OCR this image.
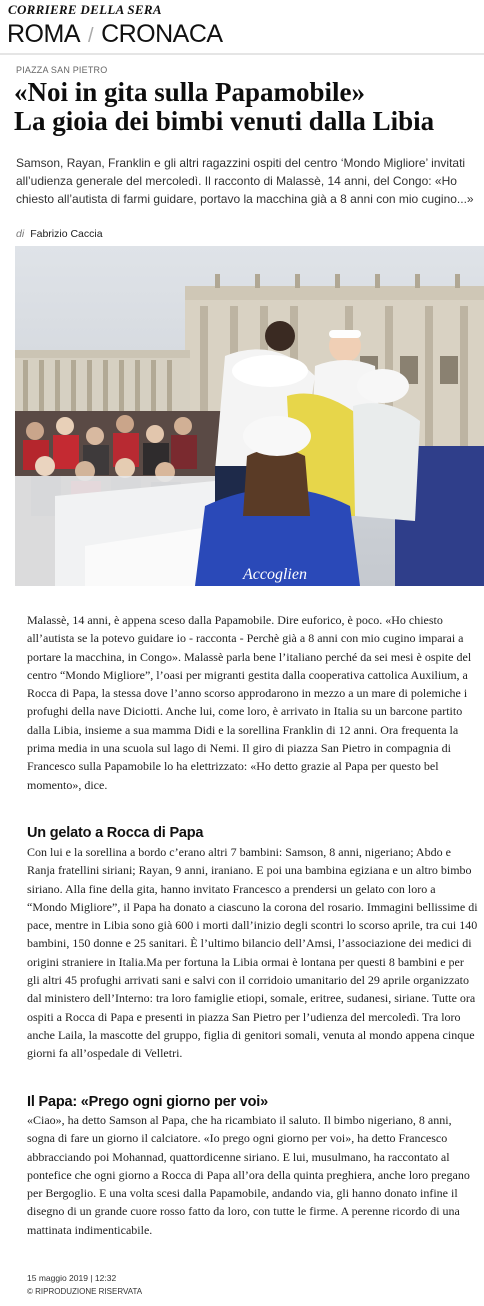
CORRIERE DELLA SERA
ROMA / CRONACA
PIAZZA SAN PIETRO
«Noi in gita sulla Papamobile»
La gioia dei bimbi venuti dalla Libia

Samson, Rayan, Franklin e gli altri ragazzini ospiti del centro ‘Mondo Migliore’ invitati all’udienza generale del mercoledì. Il racconto di Malassè, 14 anni, del Congo: «Ho chiesto all’autista di farmi guidare, portavo la macchina già a 8 anni con mio cugino...»

di Fabrizio Caccia
Accoglien

Malassè, 14 anni, è appena sceso dalla Papamobile. Dire euforico, è poco. «Ho chiesto all’autista se la potevo guidare io - racconta - Perchè già a 8 anni con mio cugino imparai a portare la macchina, in Congo». Malassè parla bene l’italiano perché da sei mesi è ospite del centro “Mondo Migliore”, l’oasi per migranti gestita dalla cooperativa cattolica Auxilium, a Rocca di Papa, la stessa dove l’anno scorso approdarono in mezzo a un mare di polemiche i profughi della nave Diciotti. Anche lui, come loro, è arrivato in Italia su un barcone partito dalla Libia, insieme a sua mamma Didi e la sorellina Franklin di 12 anni. Ora frequenta la prima media in una scuola sul lago di Nemi. Il giro di piazza San Pietro in compagnia di Francesco sulla Papamobile lo ha elettrizzato: «Ho detto grazie al Papa per questo bel momento», dice.

Un gelato a Rocca di Papa

Con lui e la sorellina a bordo c’erano altri 7 bambini: Samson, 8 anni, nigeriano; Abdo e Ranja fratellini siriani; Rayan, 9 anni, iraniano. E poi una bambina egiziana e un altro bimbo siriano. Alla fine della gita, hanno invitato Francesco a prendersi un gelato con loro a “Mondo Migliore”, il Papa ha donato a ciascuno la corona del rosario. Immagini bellissime di pace, mentre in Libia sono già 600 i morti dall’inizio degli scontri lo scorso aprile, tra cui 140 bambini, 150 donne e 25 sanitari. È l’ultimo bilancio dell’Amsi, l’associazione dei medici di origini straniere in Italia.Ma per fortuna la Libia ormai è lontana per questi 8 bambini e per gli altri 45 profughi arrivati sani e salvi con il corridoio umanitario del 29 aprile organizzato dal ministero dell’Interno: tra loro famiglie etiopi, somale, eritree, sudanesi, siriane. Tutte ora ospiti a Rocca di Papa e presenti in piazza San Pietro per l’udienza del mercoledì. Tra loro anche Laila, la mascotte del gruppo, figlia di genitori somali, venuta al mondo appena cinque giorni fa all’ospedale di Velletri.

Il Papa: «Prego ogni giorno per voi»

«Ciao», ha detto Samson al Papa, che ha ricambiato il saluto. Il bimbo nigeriano, 8 anni, sogna di fare un giorno il calciatore. «Io prego ogni giorno per voi», ha detto Francesco abbracciando poi Mohannad, quattordicenne siriano. E lui, musulmano, ha raccontato al pontefice che ogni giorno a Rocca di Papa all’ora della quinta preghiera, anche loro pregano per Bergoglio. E una volta scesi dalla Papamobile, andando via, gli hanno donato infine il disegno di un grande cuore rosso fatto da loro, con tutte le firme. A perenne ricordo di una mattinata indimenticabile.

15 maggio 2019 | 12:32
© RIPRODUZIONE RISERVATA
